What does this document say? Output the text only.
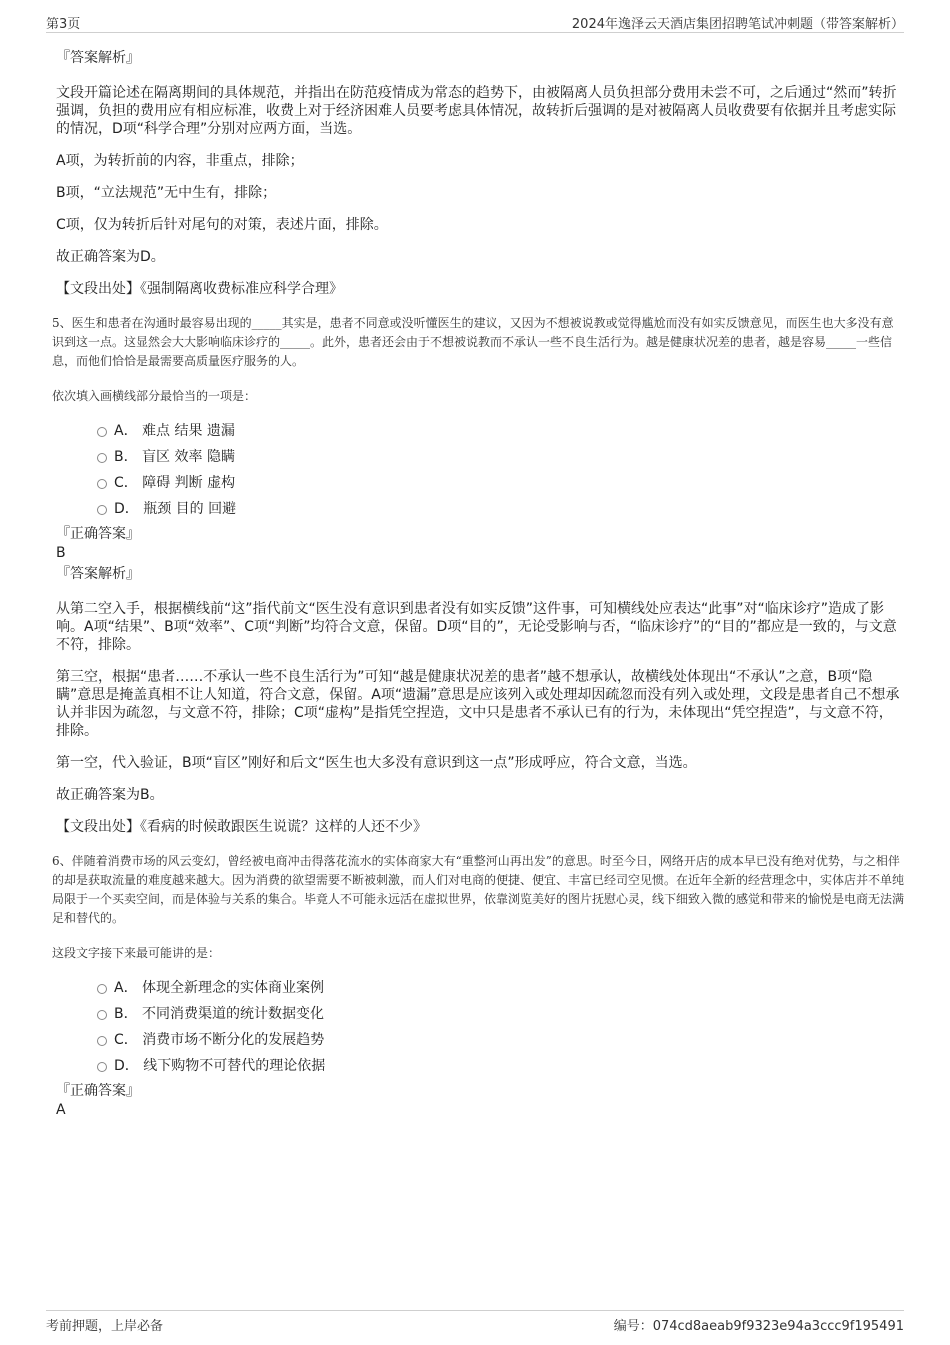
第3页	2024年逸泽云天酒店集团招聘笔试冲刺题（带答案解析）

『答案解析』

文段开篇论述在隔离期间的具体规范，并指出在防范疫情成为常态的趋势下，由被隔离人员负担部分费用未尝不可，之后通过“然而”转折强调，负担的费用应有相应标准，收费上对于经济困难人员要考虑具体情况，故转折后强调的是对被隔离人员收费要有依据并且考虑实际的情况，D项“科学合理”分别对应两方面，当选。

A项，为转折前的内容，非重点，排除；

B项，“立法规范”无中生有，排除；

C项，仅为转折后针对尾句的对策，表述片面，排除。

故正确答案为D。

【文段出处】《强制隔离收费标准应科学合理》

5、医生和患者在沟通时最容易出现的_____其实是，患者不同意或没听懂医生的建议，又因为不想被说教或觉得尴尬而没有如实反馈意见，而医生也大多没有意识到这一点。这显然会大大影响临床诊疗的_____。此外，患者还会由于不想被说教而不承认一些不良生活行为。越是健康状况差的患者，越是容易_____一些信息，而他们恰恰是最需要高质量医疗服务的人。

依次填入画横线部分最恰当的一项是：

A． 难点 结果 遗漏
B． 盲区 效率 隐瞒
C． 障碍 判断 虚构
D． 瓶颈 目的 回避

『正确答案』

B

『答案解析』

从第二空入手，根据横线前“这”指代前文“医生没有意识到患者没有如实反馈”这件事，可知横线处应表达“此事”对“临床诊疗”造成了影响。A项“结果”、B项“效率”、C项“判断”均符合文意，保留。D项“目的”，无论受影响与否，“临床诊疗”的“目的”都应是一致的，与文意不符，排除。

第三空，根据“患者……不承认一些不良生活行为”可知“越是健康状况差的患者”越不想承认，故横线处体现出“不承认”之意，B项“隐瞒”意思是掩盖真相不让人知道，符合文意，保留。A项“遗漏”意思是应该列入或处理却因疏忽而没有列入或处理，文段是患者自己不想承认并非因为疏忽，与文意不符，排除；C项“虚构”是指凭空捏造，文中只是患者不承认已有的行为，未体现出“凭空捏造”，与文意不符，排除。

第一空，代入验证，B项“盲区”刚好和后文“医生也大多没有意识到这一点”形成呼应，符合文意，当选。

故正确答案为B。

【文段出处】《看病的时候敢跟医生说谎？这样的人还不少》

6、伴随着消费市场的风云变幻，曾经被电商冲击得落花流水的实体商家大有“重整河山再出发”的意思。时至今日，网络开店的成本早已没有绝对优势，与之相伴的却是获取流量的难度越来越大。因为消费的欲望需要不断被刺激，而人们对电商的便捷、便宜、丰富已经司空见惯。在近年全新的经营理念中，实体店并不单纯局限于一个买卖空间，而是体验与关系的集合。毕竟人不可能永远活在虚拟世界，依靠浏览美好的图片抚慰心灵，线下细致入微的感觉和带来的愉悦是电商无法满足和替代的。

这段文字接下来最可能讲的是：

A． 体现全新理念的实体商业案例
B． 不同消费渠道的统计数据变化
C． 消费市场不断分化的发展趋势
D． 线下购物不可替代的理论依据

『正确答案』

A

考前押题，上岸必备	编号：074cd8aeab9f9323e94a3ccc9f195491
